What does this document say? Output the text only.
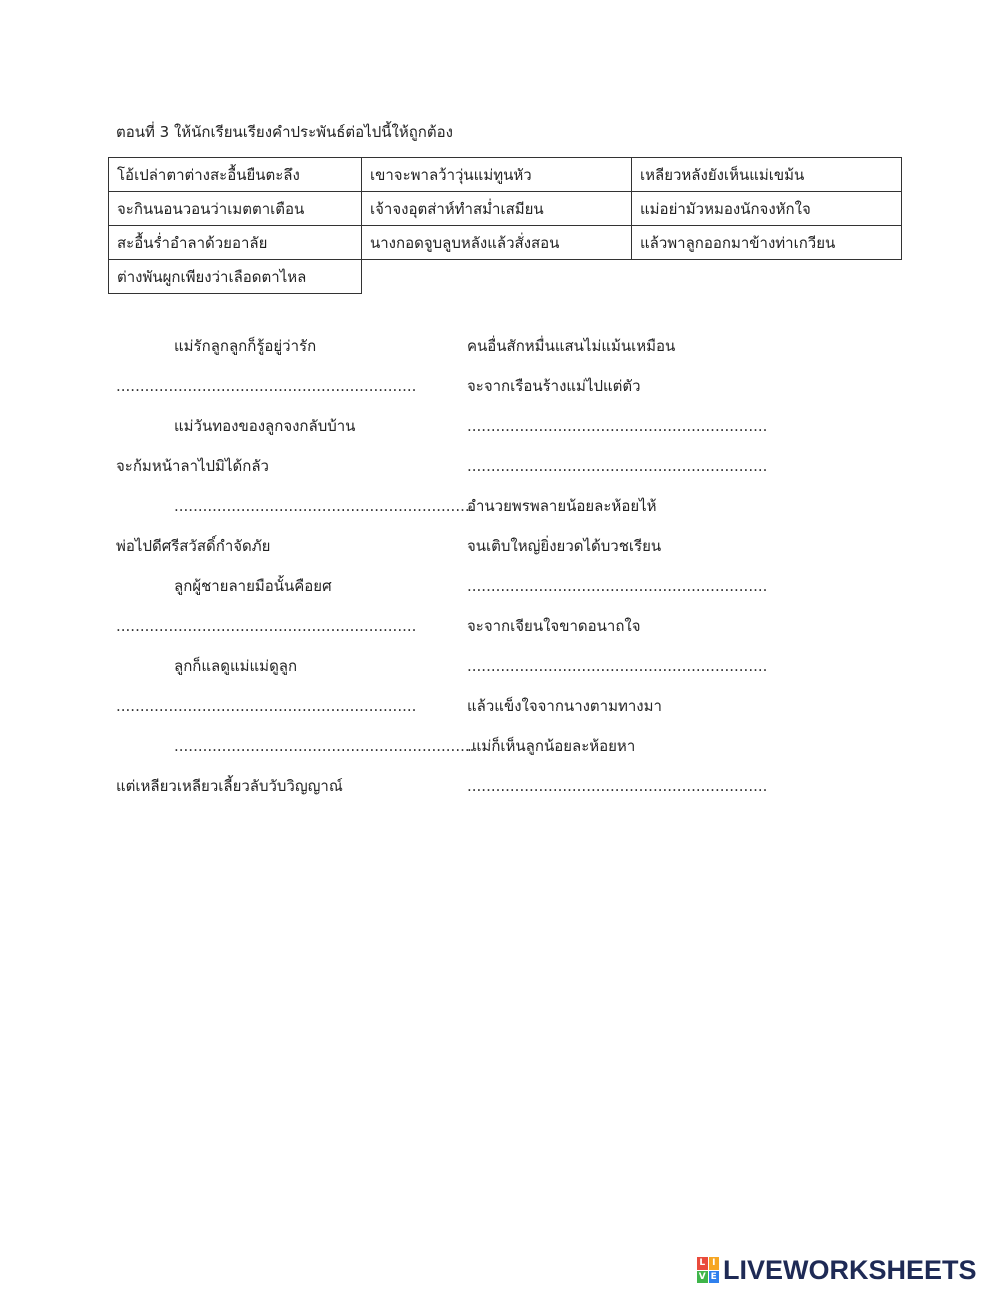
ตอนที่ 3 ให้นักเรียนเรียงคำประพันธ์ต่อไปนี้ให้ถูกต้อง
โอ้เปล่าตาต่างสะอื้นยืนตะลึง	เขาจะพาลว้าวุ่นแม่ทูนหัว	เหลียวหลังยังเห็นแม่เขม้น
จะกินนอนวอนว่าเมตตาเตือน	เจ้าจงอุตส่าห์ทำสม่ำเสมียน	แม่อย่ามัวหมองนักจงหักใจ
สะอื้นร่ำอำลาด้วยอาลัย	นางกอดจูบลูบหลังแล้วสั่งสอน	แล้วพาลูกออกมาข้างท่าเกวียน
ต่างพันผูกเพียงว่าเลือดตาไหล		
แม่รักลูกลูกก็รู้อยู่ว่ารัก
...............................................................
แม่วันทองของลูกจงกลับบ้าน
จะก้มหน้าลาไปมิได้กลัว
...............................................................
พ่อไปดีศรีสวัสดิ์กำจัดภัย
ลูกผู้ชายลายมือนั้นคือยศ
...............................................................
ลูกก็แลดูแม่แม่ดูลูก
...............................................................
...............................................................
แต่เหลียวเหลียวเลี้ยวลับวับวิญญาณ์
คนอื่นสักหมื่นแสนไม่แม้นเหมือน
จะจากเรือนร้างแม่ไปแต่ตัว
...............................................................
...............................................................
อำนวยพรพลายน้อยละห้อยไห้
จนเติบใหญ่ยิ่งยวดได้บวชเรียน
...............................................................
จะจากเจียนใจขาดอนาถใจ
...............................................................
แล้วแข็งใจจากนางตามทางมา
.แม่ก็เห็นลูกน้อยละห้อยหา
...............................................................
L I
V E LIVEWORKSHEETS
